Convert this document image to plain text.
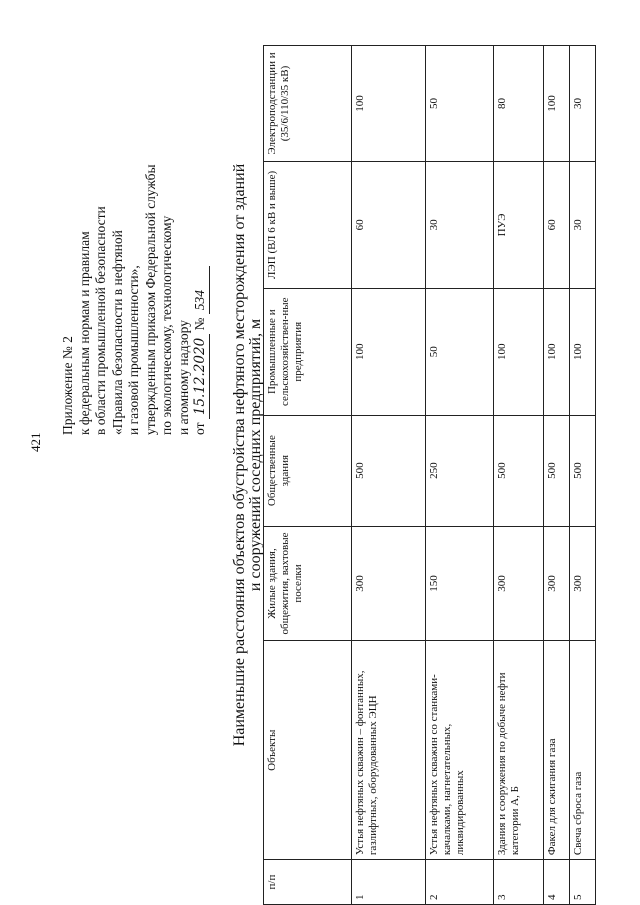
421
Приложение № 2 к федеральным нормам и правилам в области промышленной безопасности «Правила безопасности в нефтяной и газовой промышленности», утвержденным приказом Федеральной службы по экологическому, технологическому и атомному надзору от 15.12.2020 № 534 Наименьшие расстояния объектов обустройства нефтяного месторождения от зданий и сооружений соседних предприятий, м
п/п	Объекты	Жилые здания, общежития, вахтовые поселки	Общественные здания	Промышленные и сельскохозяйствен-ные предприятия	ЛЭП (ВЛ 6 кВ и выше)	Электроподстанции и (35/6/110/35 кВ)
1	Устья нефтяных скважин – фонтанных, газлифтных, оборудованных ЭЦН	300	500	100	60	100
2	Устья нефтяных скважин со станками-качалками, нагнетательных, ликвидированных	150	250	50	30	50
3	Здания и сооружения по добыче нефти категории А, Б	300	500	100	ПУЭ	80
4	Факел для сжигания газа	300	500	100	60	100
5	Свеча сброса газа	300	500	100	30	30
